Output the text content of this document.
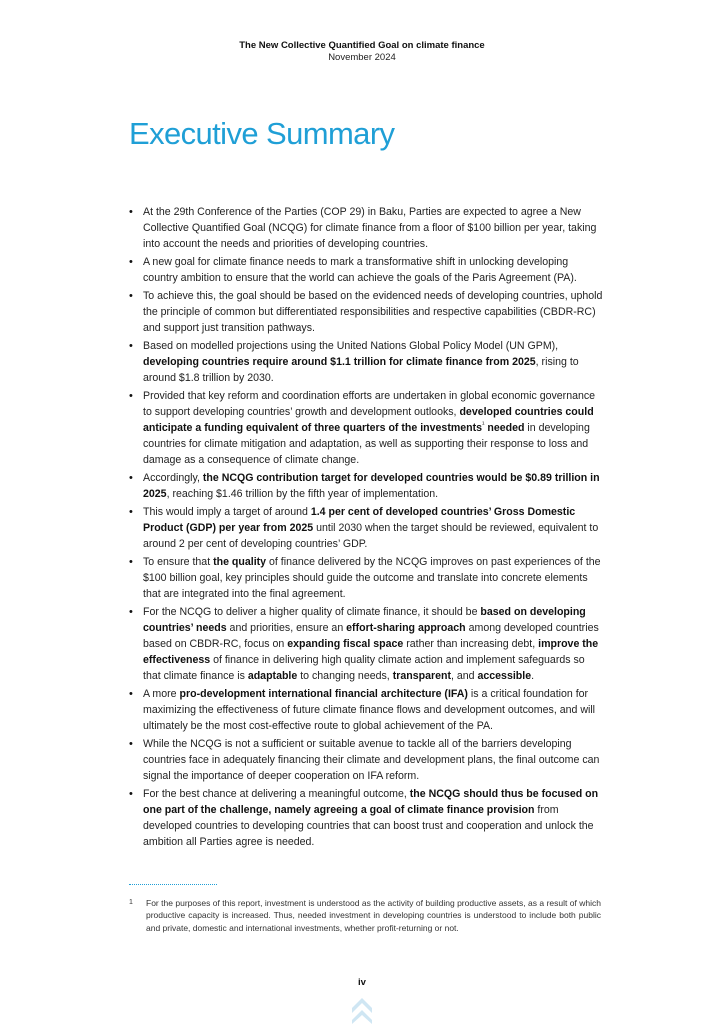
The New Collective Quantified Goal on climate finance
November 2024
Executive Summary
• At the 29th Conference of the Parties (COP 29) in Baku, Parties are expected to agree a New Collective Quantified Goal (NCQG) for climate finance from a floor of $100 billion per year, taking into account the needs and priorities of developing countries.
• A new goal for climate finance needs to mark a transformative shift in unlocking developing country ambition to ensure that the world can achieve the goals of the Paris Agreement (PA).
• To achieve this, the goal should be based on the evidenced needs of developing countries, uphold the principle of common but differentiated responsibilities and respective capabilities (CBDR-RC) and support just transition pathways.
• Based on modelled projections using the United Nations Global Policy Model (UN GPM), developing countries require around $1.1 trillion for climate finance from 2025, rising to around $1.8 trillion by 2030.
• Provided that key reform and coordination efforts are undertaken in global economic governance to support developing countries’ growth and development outlooks, developed countries could anticipate a funding equivalent of three quarters of the investments$^{^1}$ needed in developing countries for climate mitigation and adaptation, as well as supporting their response to loss and damage as a consequence of climate change.
• Accordingly, the NCQG contribution target for developed countries would be $0.89 trillion in 2025, reaching $1.46 trillion by the fifth year of implementation.
• This would imply a target of around 1.4 per cent of developed countries’ Gross Domestic Product (GDP) per year from 2025 until 2030 when the target should be reviewed, equivalent to around 2 per cent of developing countries’ GDP.
• To ensure that the quality of finance delivered by the NCQG improves on past experiences of the $100 billion goal, key principles should guide the outcome and translate into concrete elements that are integrated into the final agreement.
• For the NCQG to deliver a higher quality of climate finance, it should be based on developing countries’ needs and priorities, ensure an effort-sharing approach among developed countries based on CBDR-RC, focus on expanding fiscal space rather than increasing debt, improve the effectiveness of finance in delivering high quality climate action and implement safeguards so that climate finance is adaptable to changing needs, transparent, and accessible.
• A more pro-development international financial architecture (IFA) is a critical foundation for maximizing the effectiveness of future climate finance flows and development outcomes, and will ultimately be the most cost-effective route to global achievement of the PA.
• While the NCQG is not a sufficient or suitable avenue to tackle all of the barriers developing countries face in adequately financing their climate and development plans, the final outcome can signal the importance of deeper cooperation on IFA reform.
• For the best chance at delivering a meaningful outcome, the NCQG should thus be focused on one part of the challenge, namely agreeing a goal of climate finance provision from developed countries to developing countries that can boost trust and cooperation and unlock the ambition all Parties agree is needed.
1	For the purposes of this report, investment is understood as the activity of building productive assets, as a result of which productive capacity is increased. Thus, needed investment in developing countries is understood to include both public and private, domestic and international investments, whether profit-returning or not.
iv
